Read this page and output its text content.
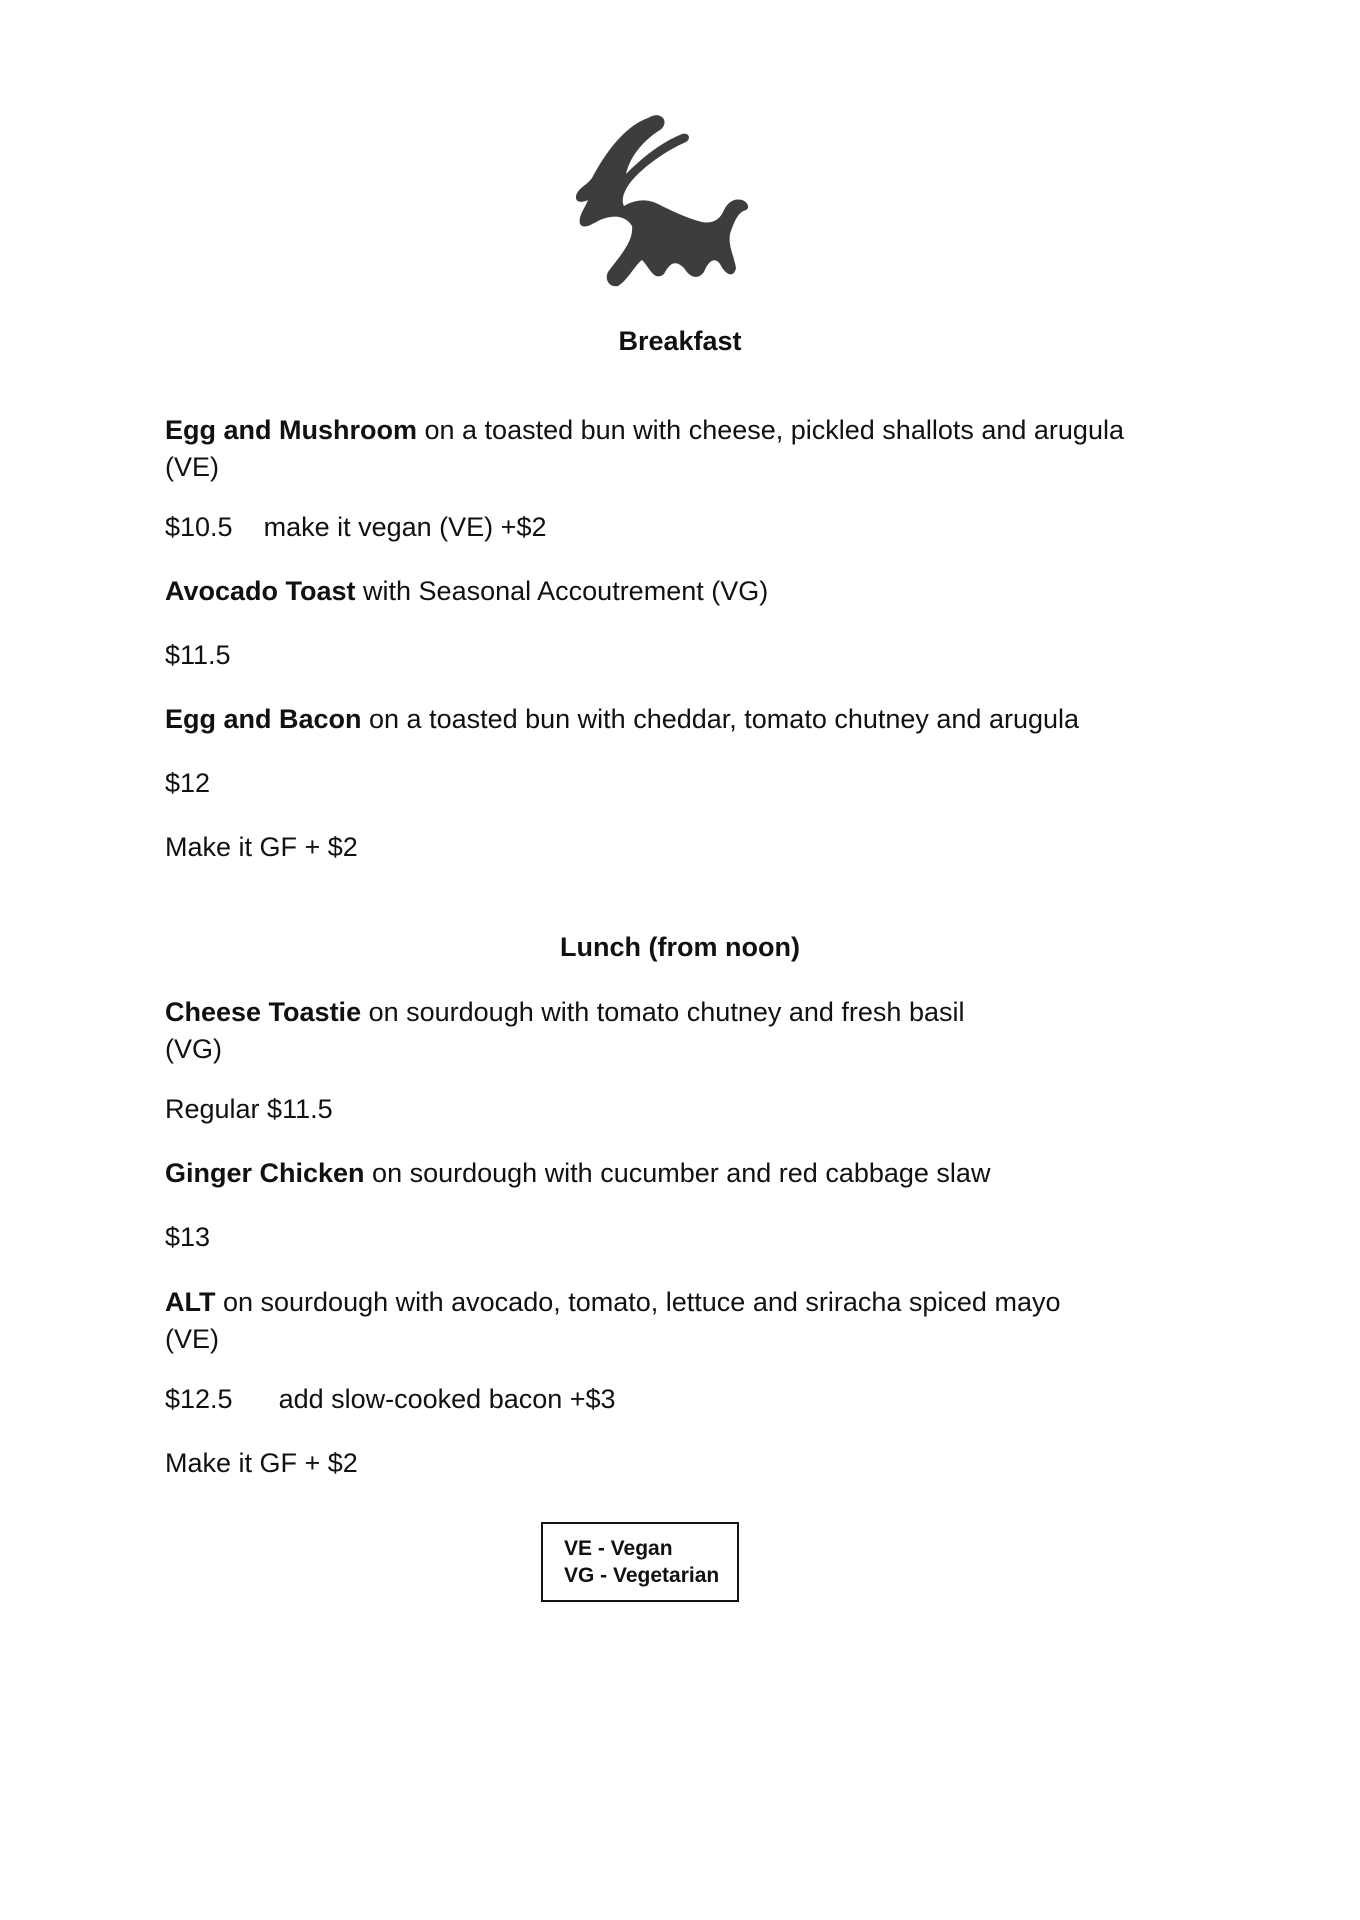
Breakfast
Egg and Mushroom on a toasted bun with cheese, pickled shallots and arugula
(VE)
$10.5 make it vegan (VE) +$2
Avocado Toast with Seasonal Accoutrement (VG)
$11.5
Egg and Bacon on a toasted bun with cheddar, tomato chutney and arugula
$12
Make it GF + $2
Lunch (from noon)
Cheese Toastie on sourdough with tomato chutney and fresh basil
(VG)
Regular $11.5
Ginger Chicken on sourdough with cucumber and red cabbage slaw
$13
ALT on sourdough with avocado, tomato, lettuce and sriracha spiced mayo
(VE)
$12.5 add slow-cooked bacon +$3
Make it GF + $2
VE - Vegan
VG - Vegetarian
